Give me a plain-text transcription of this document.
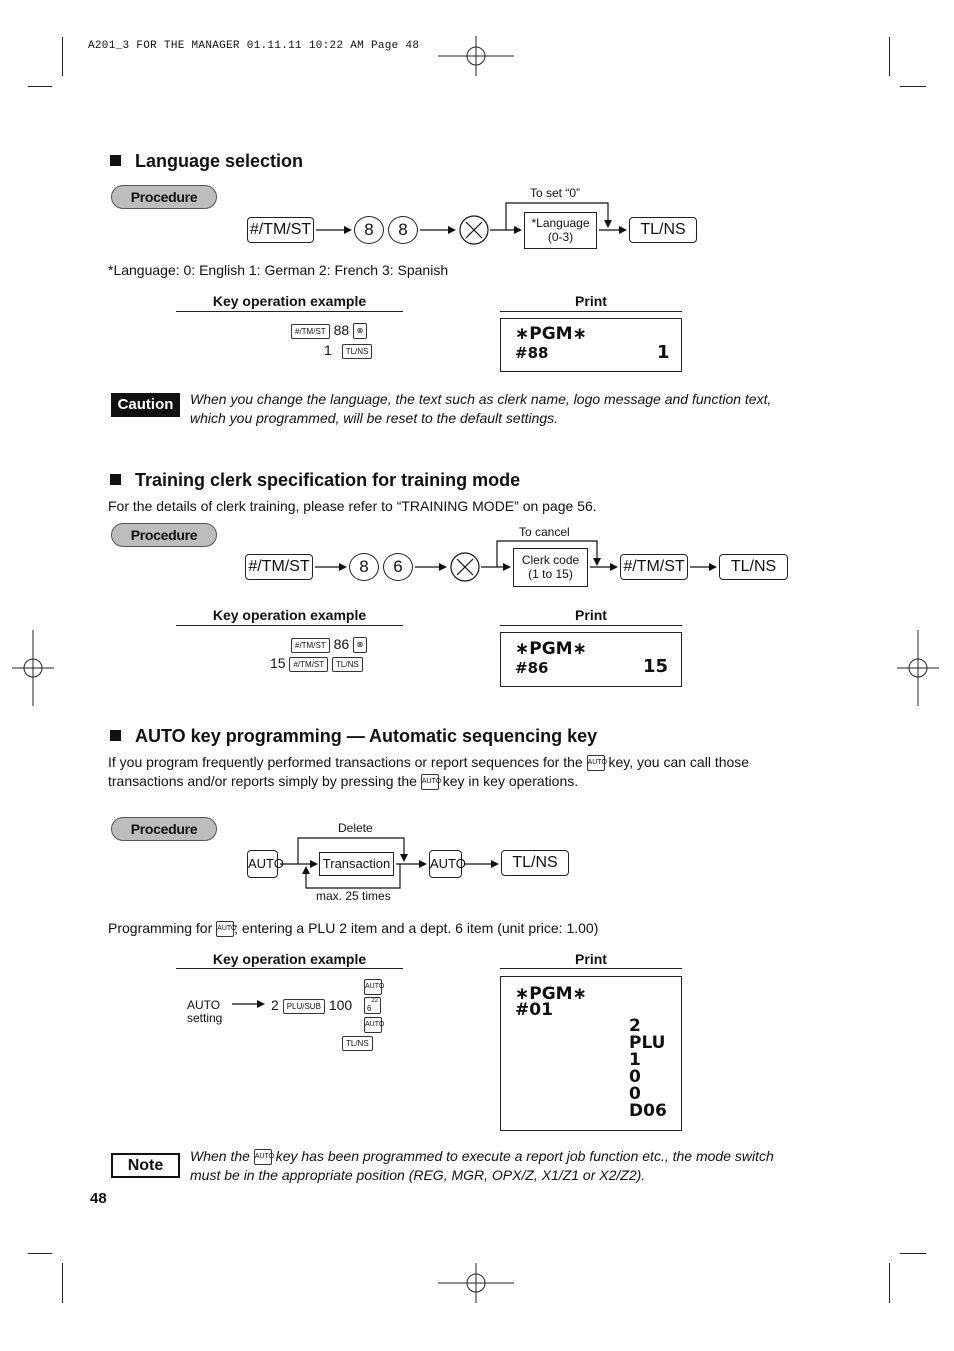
A201_3 FOR THE MANAGER 01.11.11 10:22 AM Page 48
Language selection
Procedure
#/TM/ST	8	8	TL/NS
To set “0”
*Language
(0-3)
*Language: 0: English 1: German 2: French 3: Spanish
Key operation example	Print
#/TM/ST 88 ⊗
1 TL/NS
∗PGM∗
#88	1
Caution	When you change the language, the text such as clerk name, logo message and function text,
which you programmed, will be reset to the default settings.
Training clerk specification for training mode
For the details of clerk training, please refer to “TRAINING MODE” on page 56.
Procedure
#/TM/ST	8	6	#/TM/ST	TL/NS
To cancel
Clerk code
(1 to 15)
Key operation example	Print
#/TM/ST 86 ⊗
15 #/TM/ST TL/NS
∗PGM∗
#86	15
AUTO key programming — Automatic sequencing key
If you program frequently performed transactions or report sequences for the AUTO key, you can call those
transactions and/or reports simply by pressing the AUTO key in key operations.
Procedure
AUTO	AUTO	TL/NS
Delete
Transaction
max. 25 times
Programming for AUTO; entering a PLU 2 item and a dept. 6 item (unit price: 1.00)
Key operation example	Print
AUTO
setting
AUTO
2 PLU/SUB 100	22
6
AUTO
TL/NS
∗PGM∗
#01
2
PLU
1
0
0
D06
Note
When the AUTO key has been programmed to execute a report job function etc., the mode switch
must be in the appropriate position (REG, MGR, OPX/Z, X1/Z1 or X2/Z2).
48
